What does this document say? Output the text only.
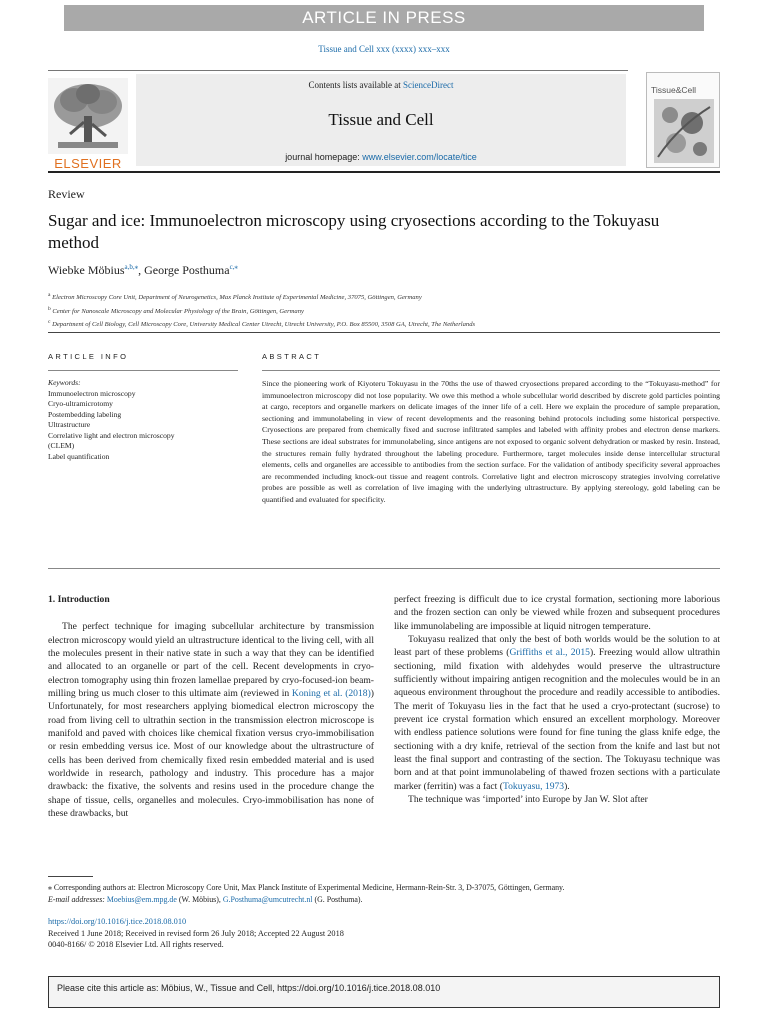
ARTICLE IN PRESS
Tissue and Cell xxx (xxxx) xxx–xxx
ELSEVIER
Contents lists available at ScienceDirect
Tissue and Cell
journal homepage: www.elsevier.com/locate/tice
Tissue&Cell
Review
Sugar and ice: Immunoelectron microscopy using cryosections according to the Tokuyasu method
Wiebke Möbius$^{a,b,⁎}$, George Posthuma$^{c,⁎}$
$^a$ Electron Microscopy Core Unit, Department of Neurogenetics, Max Planck Institute of Experimental Medicine, 37075, Göttingen, Germany
$^b$ Center for Nanoscale Microscopy and Molecular Physiology of the Brain, Göttingen, Germany
$^c$ Department of Cell Biology, Cell Microscopy Core, University Medical Center Utrecht, Utrecht University, P.O. Box 85500, 3508 GA, Utrecht, The Netherlands
ARTICLE INFO	ABSTRACT
Keywords:
Immunoelectron microscopy
Cryo-ultramicrotomy
Postembedding labeling
Ultrastructure
Correlative light and electron microscopy
(CLEM)
Label quantification
Since the pioneering work of Kiyoteru Tokuyasu in the 70ths the use of thawed cryosections prepared according to the “Tokuyasu-method” for immunoelectron microscopy did not lose popularity. We owe this method a whole subcellular world described by discrete gold particles pointing at cargo, receptors and organelle markers on delicate images of the inner life of a cell. Here we explain the procedure of sample preparation, sectioning and immunolabeling in view of recent developments and the reasoning behind protocols including some historical perspective. Cryosections are prepared from chemically fixed and sucrose infiltrated samples and labeled with affinity probes and electron dense markers. These sections are ideal substrates for immunolabeling, since antigens are not exposed to organic solvent dehydration or masked by resin. Instead, the structures remain fully hydrated throughout the labeling procedure. Furthermore, target molecules inside dense intercellular structural elements, cells and organelles are accessible to antibodies from the section surface. For the validation of antibody specificity several approaches are recommended including knock-out tissue and reagent controls. Correlative light and electron microscopy strategies involving correlative probes are possible as well as correlation of live imaging with the underlying ultrastructure. By applying stereology, gold labeling can be quantified and evaluated for specificity.

1. Introduction

The perfect technique for imaging subcellular architecture by transmission electron microscopy would yield an ultrastructure identical to the living cell, with all the molecules present in their native state in such a way that they can be identified and allocated to an organelle or part of the cell. Recent developments in cryo-electron tomography using thin frozen lamellae prepared by cryo-focused-ion beam-milling bring us much closer to this ultimate aim (reviewed in Koning et al. (2018)) Unfortunately, for most researchers applying biomedical electron microscopy the road from living cell to ultrathin section in the transmission electron microscope is manifold and paved with choices like chemical fixation versus cryo-immobilisation or resin embedding versus ice. Most of our knowledge about the ultrastructure of cells has been derived from chemically fixed resin embedded material and is used worldwide in research, pathology and industry. This procedure has a major drawback: the fixative, the solvents and resins used in the procedure change the shape of tissue, cells, organelles and molecules. Cryo-immobilisation has none of these drawbacks, but

perfect freezing is difficult due to ice crystal formation, sectioning more laborious and the frozen section can only be viewed while frozen and subsequent procedures like immunolabeling are impossible at liquid nitrogen temperature.

Tokuyasu realized that only the best of both worlds would be the solution to at least part of these problems (Griffiths et al., 2015). Freezing would allow ultrathin sectioning, mild fixation with aldehydes would preserve the ultrastructure sufficiently without impairing antigen recognition and the molecules would be in an aqueous environment throughout the procedure and readily accessible to antibodies. The merit of Tokuyasu lies in the fact that he used a cryo-protectant (sucrose) to prevent ice crystal formation which ensured an excellent morphology. Moreover with endless patience solutions were found for fine tuning the glass knife edge, the sectioning with a dry knife, retrieval of the section from the knife and last but not least the final support and contrasting of the section. The Tokuyasu technique was born and at that point immunolabeling of thawed frozen sections with a particulate marker (ferritin) was a fact (Tokuyasu, 1973).

The technique was ‘imported’ into Europe by Jan W. Slot after

⁎ Corresponding authors at: Electron Microscopy Core Unit, Max Planck Institute of Experimental Medicine, Hermann-Rein-Str. 3, D-37075, Göttingen, Germany.
E-mail addresses: Moebius@em.mpg.de (W. Möbius), G.Posthuma@umcutrecht.nl (G. Posthuma).
https://doi.org/10.1016/j.tice.2018.08.010
Received 1 June 2018; Received in revised form 26 July 2018; Accepted 22 August 2018
0040-8166/ © 2018 Elsevier Ltd. All rights reserved.
Please cite this article as: Möbius, W., Tissue and Cell, https://doi.org/10.1016/j.tice.2018.08.010
